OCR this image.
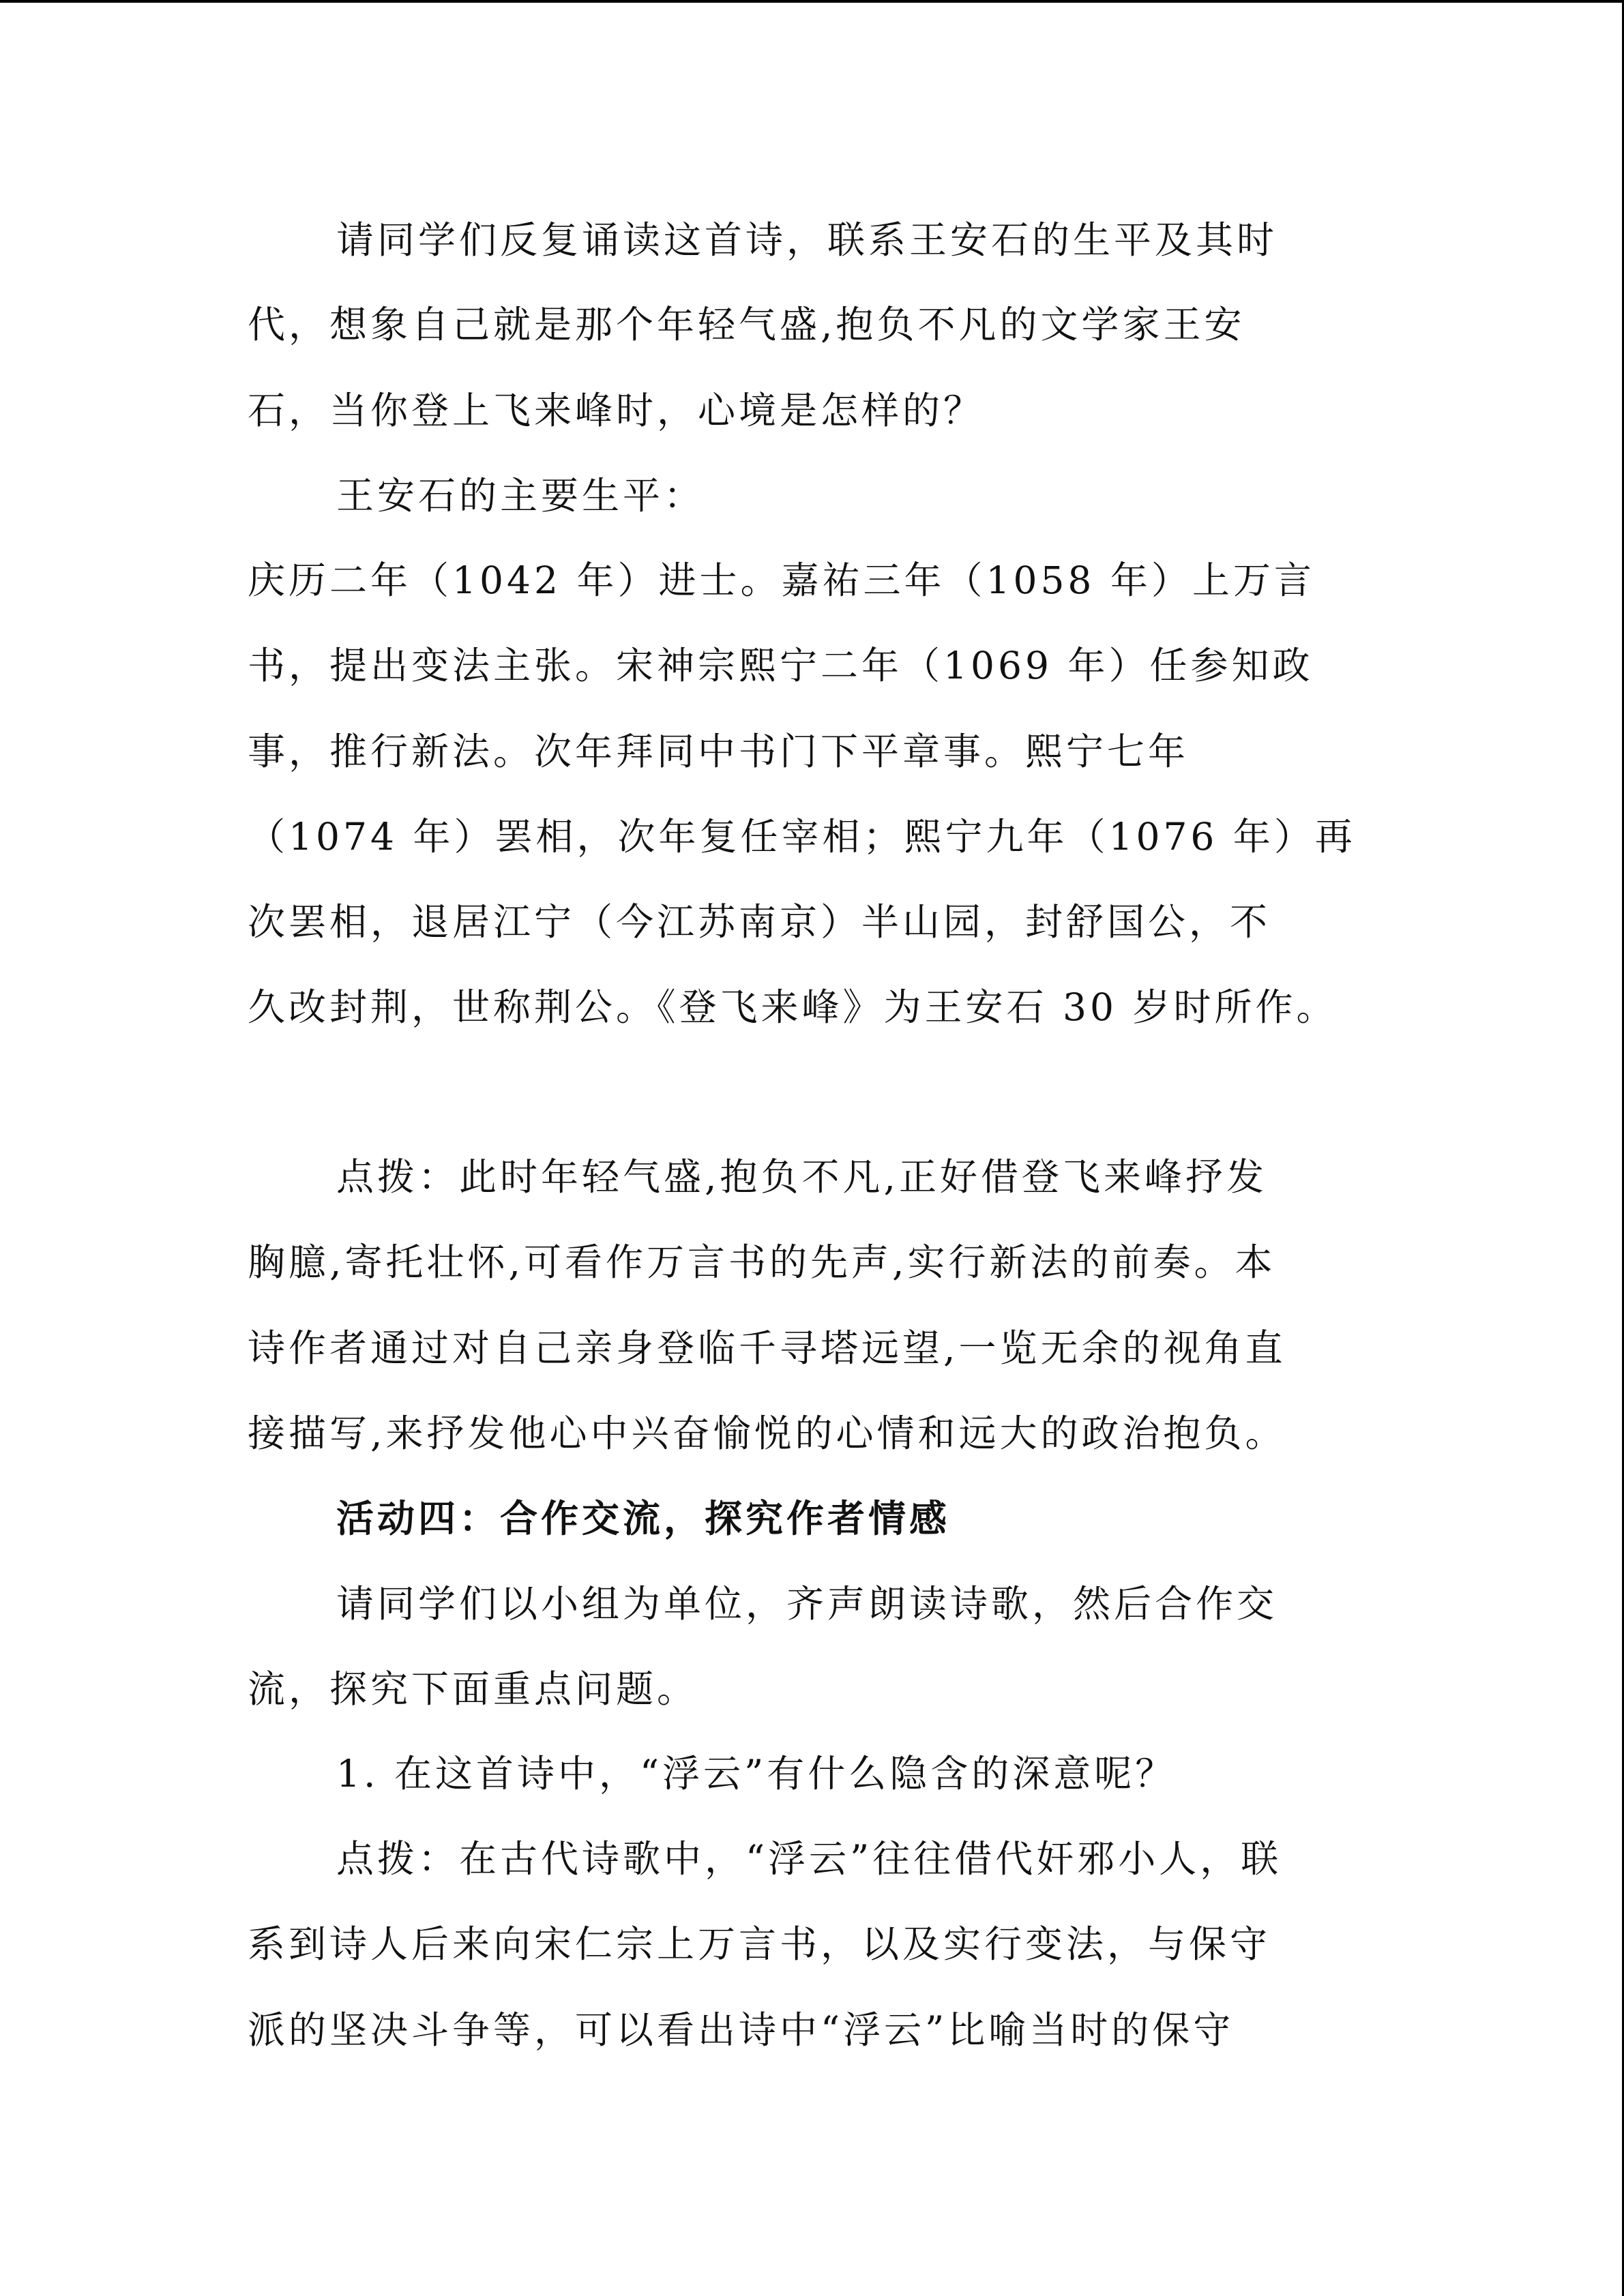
请同学们反复诵读这首诗，联系王安石的生平及其时
代，想象自己就是那个年轻气盛,抱负不凡的文学家王安
石，当你登上飞来峰时，心境是怎样的？
王安石的主要生平：
庆历二年（1042 年）进士。嘉祐三年（1058 年）上万言
书，提出变法主张。宋神宗熙宁二年（1069 年）任参知政
事，推行新法。次年拜同中书门下平章事。熙宁七年
（1074 年）罢相，次年复任宰相；熙宁九年（1076 年）再
次罢相，退居江宁（今江苏南京）半山园，封舒国公，不
久改封荆，世称荆公。《登飞来峰》为王安石 30 岁时所作。
点拨：此时年轻气盛,抱负不凡,正好借登飞来峰抒发
胸臆,寄托壮怀,可看作万言书的先声,实行新法的前奏。本
诗作者通过对自己亲身登临千寻塔远望,一览无余的视角直
接描写,来抒发他心中兴奋愉悦的心情和远大的政治抱负。
活动四：合作交流，探究作者情感
请同学们以小组为单位，齐声朗读诗歌，然后合作交
流，探究下面重点问题。
1. 在这首诗中，“浮云”有什么隐含的深意呢？
点拨：在古代诗歌中，“浮云”往往借代奸邪小人，联
系到诗人后来向宋仁宗上万言书，以及实行变法，与保守
派的坚决斗争等，可以看出诗中“浮云”比喻当时的保守
